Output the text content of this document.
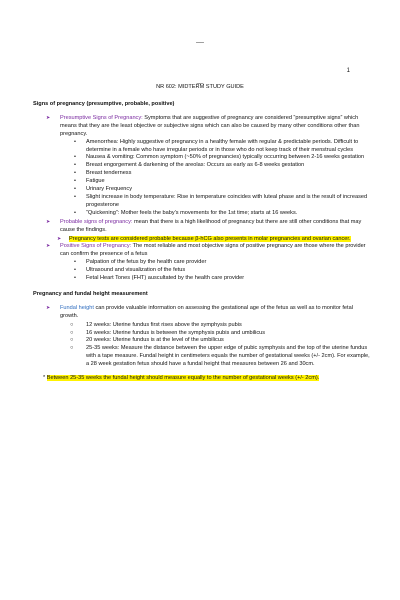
__
1
__
NR 602: MIDTERM STUDY GUIDE
Signs of pregnancy (presumptive, probable, positive)
➤ Presumptive Signs of Pregnancy: Symptoms that are suggestive of pregnancy are considered “presumptive signs” which means that they are the least objective or subjective signs which can also be caused by many other conditions other than pregnancy.
• Amenorrhea: Highly suggestive of pregnancy in a healthy female with regular & predictable periods. Difficult to determine in a female who have irregular periods or in those who do not keep track of their menstrual cycles
• Nausea & vomiting: Common symptom (~50% of pregnancies) typically occurring between 2-16 weeks gestation
• Breast engorgement & darkening of the areolas: Occurs as early as 6-8 weeks gestation
• Breast tenderness
• Fatigue
• Urinary Frequency
• Slight increase in body temperature: Rise in temperature coincides with luteal phase and is the result of increased progesterone
• “Quickening”: Mother feels the baby’s movements for the 1st time; starts at 16 weeks.
➤ Probable signs of pregnancy: mean that there is a high likelihood of pregnancy but there are still other conditions that may cause the findings.
➤ Pregnancy tests are considered probable because β-hCG also presents in molar pregnancies and ovarian cancer.
➤ Positive Signs of Pregnancy: The most reliable and most objective signs of positive pregnancy are those where the provider can confirm the presence of a fetus
• Palpation of the fetus by the health care provider
• Ultrasound and visualization of the fetus
• Fetal Heart Tones (FHT) auscultated by the health care provider
Pregnancy and fundal height measurement
➤ Fundal height can provide valuable information on assessing the gestational age of the fetus as well as to monitor fetal growth.
○ 12 weeks: Uterine fundus first rises above the symphysis pubis
○ 16 weeks: Uterine fundus is between the symphysis pubis and umbilicus
○ 20 weeks: Uterine fundus is at the level of the umbilicus
○ 25-35 weeks: Measure the distance between the upper edge of pubic symphysis and the top of the uterine fundus with a tape measure. Fundal height in centimeters equals the number of gestational weeks (+/- 2cm). For example, a 28 week gestation fetus should have a fundal height that measures between 26 and 30cm.
* Between 25-35 weeks the fundal height should measure equally to the number of gestational weeks (+/- 2cm).
